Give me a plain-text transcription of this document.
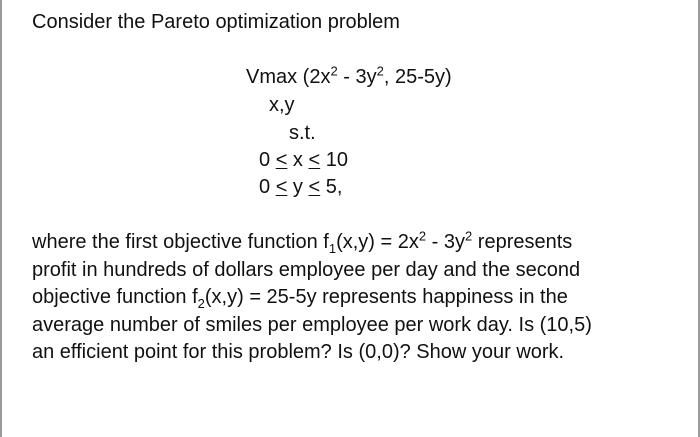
Consider the Pareto optimization problem
Vmax ($2x^2 - 3y^2$, 25-5y)
x,y
s.t.
0 ≤ x ≤ 10
0 ≤ y ≤ 5,
where the first objective function $f_1(x,y) = 2x^2 - 3y^2$ represents
profit in hundreds of dollars employee per day and the second
objective function $f_2(x,y) = 25-5y$ represents happiness in the
average number of smiles per employee per work day. Is (10,5)
an efficient point for this problem? Is (0,0)? Show your work.
